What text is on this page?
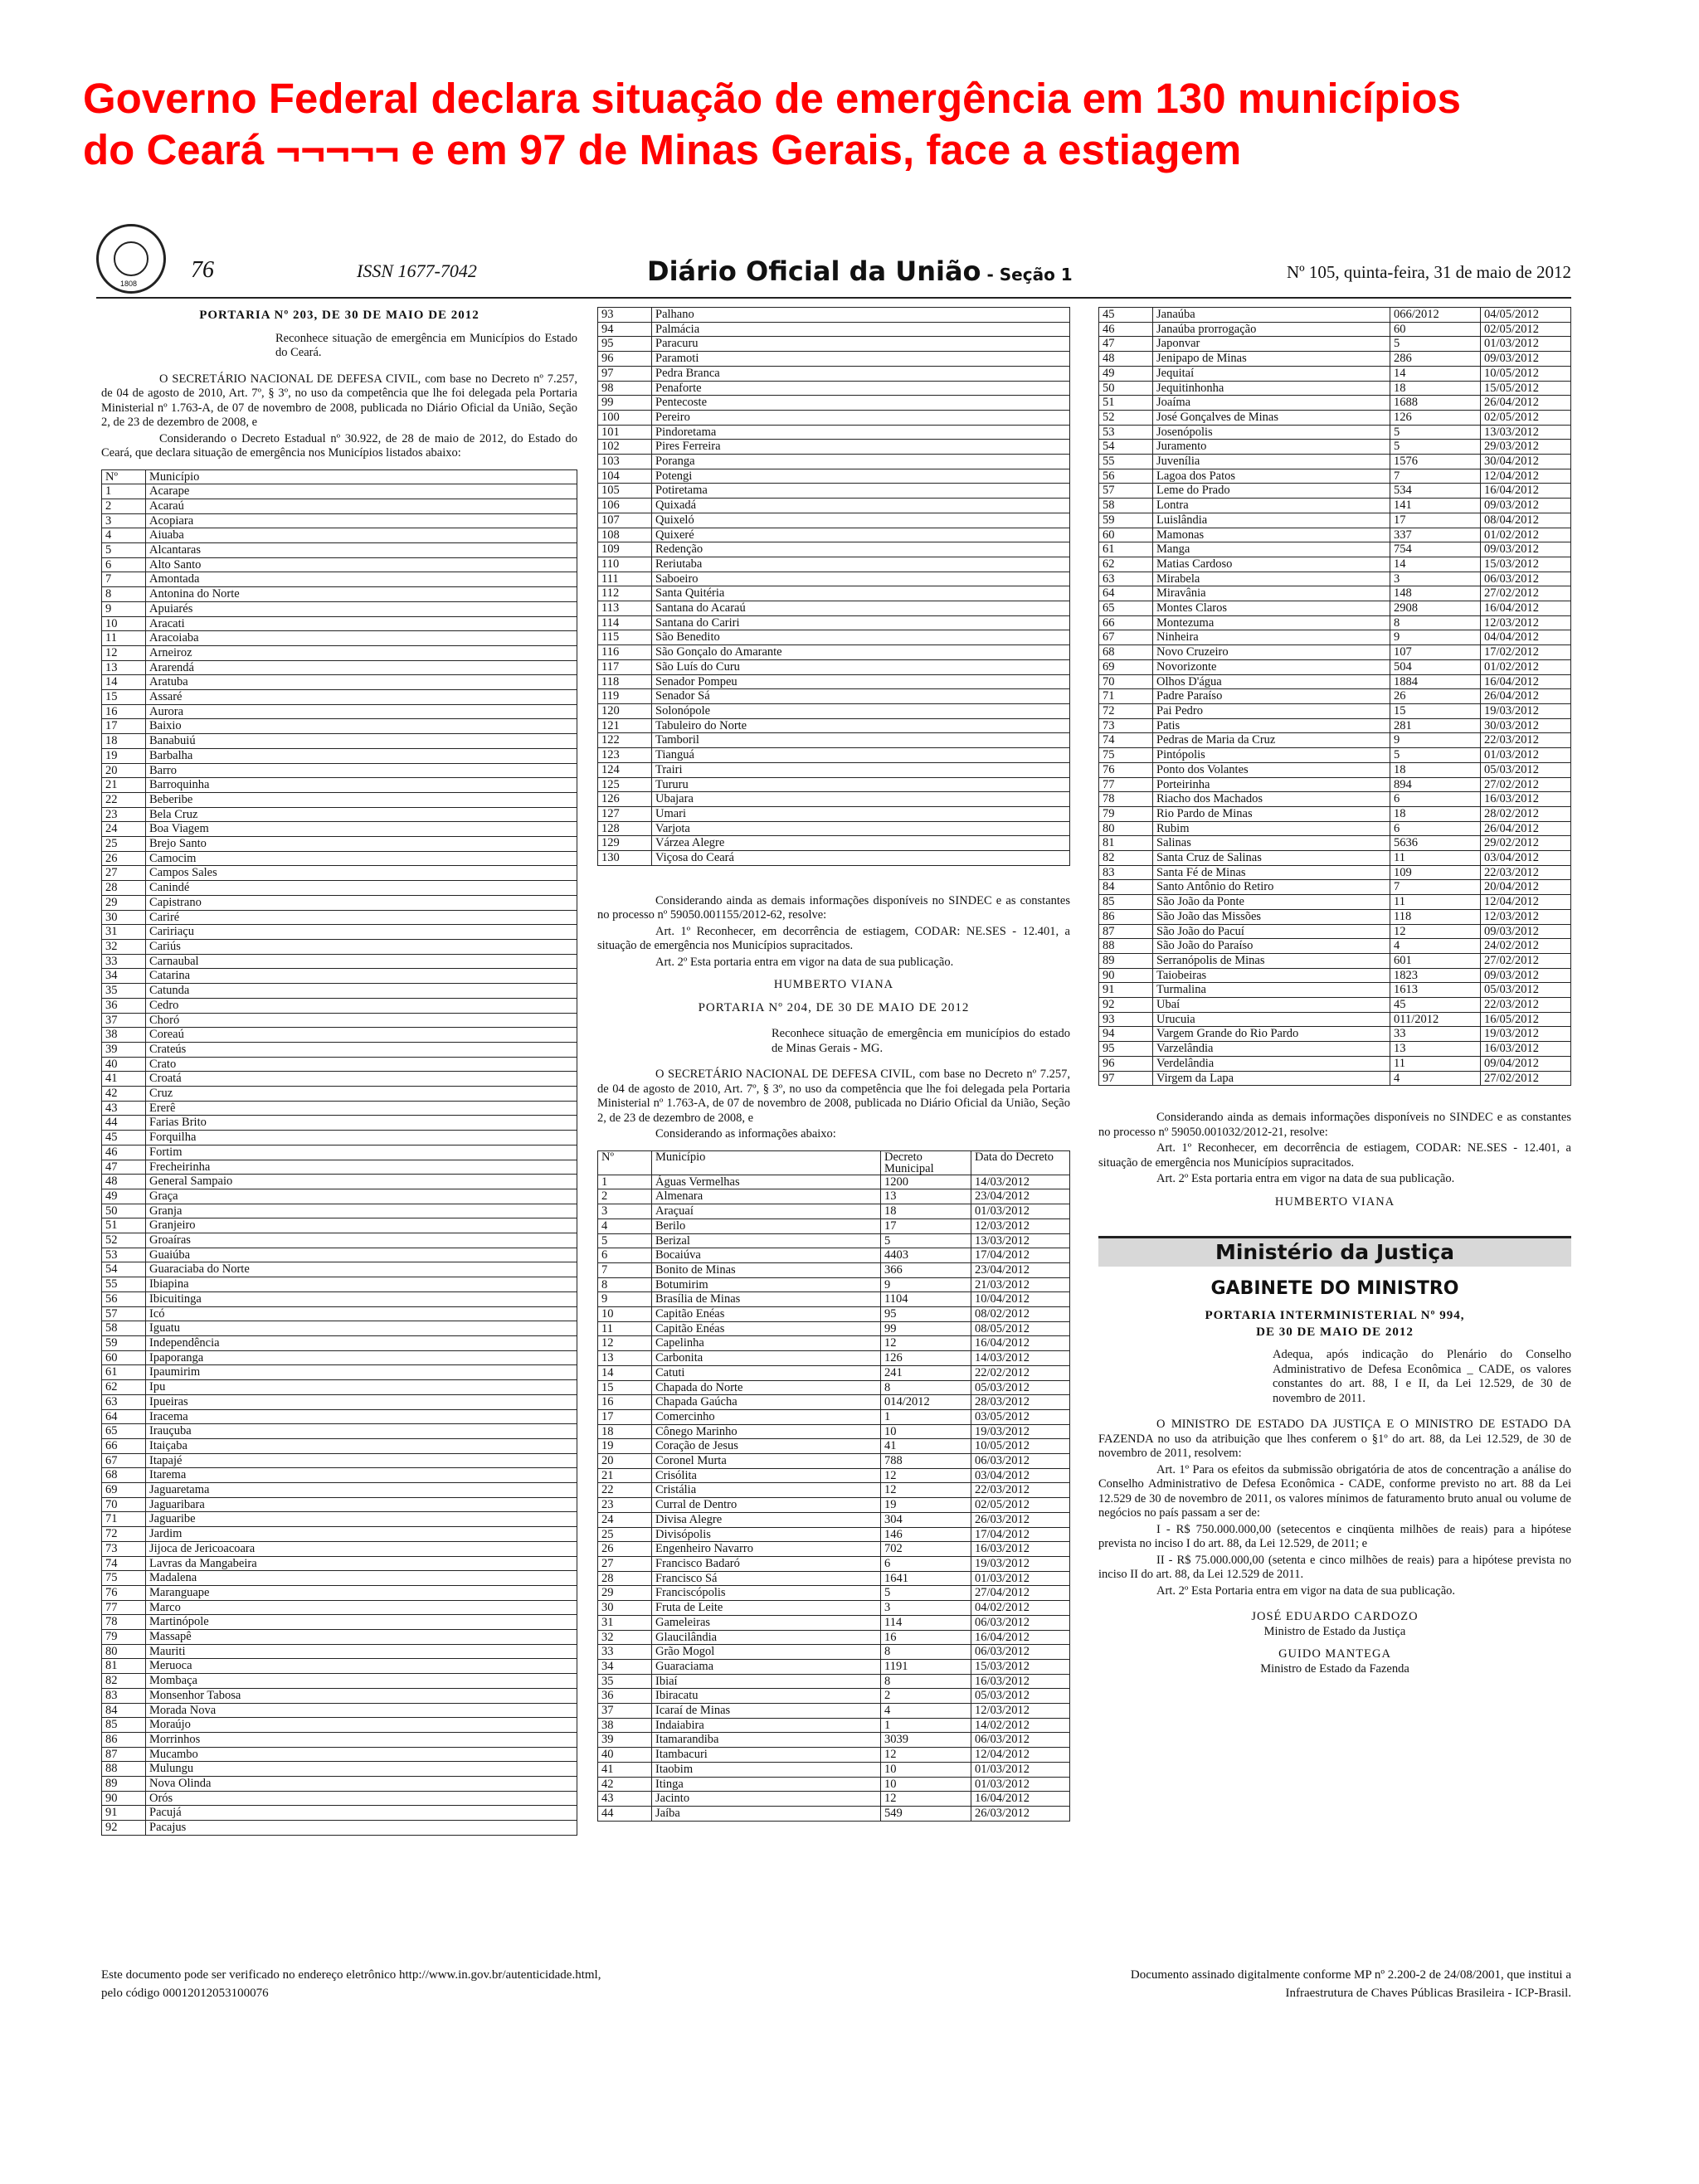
Governo Federal declara situação de emergência em 130 municípios
do Ceará ¬¬¬¬¬ e em 97 de Minas Gerais, face a estiagem
1808
76	ISSN 1677-7042	Diário Oficial da União - Seção 1	Nº 105, quinta-feira, 31 de maio de 2012
PORTARIA Nº 203, DE 30 DE MAIO DE 2012
Reconhece situação de emergência em Municípios do Estado do Ceará.

O SECRETÁRIO NACIONAL DE DEFESA CIVIL, com base no Decreto nº 7.257, de 04 de agosto de 2010, Art. 7º, § 3º, no uso da competência que lhe foi delegada pela Portaria Ministerial nº 1.763-A, de 07 de novembro de 2008, publicada no Diário Oficial da União, Seção 2, de 23 de dezembro de 2008, e

Considerando o Decreto Estadual nº 30.922, de 28 de maio de 2012, do Estado do Ceará, que declara situação de emergência nos Municípios listados abaixo:

Nº	Município
1	Acarape
2	Acaraú
3	Acopiara
4	Aiuaba
5	Alcantaras
6	Alto Santo
7	Amontada
8	Antonina do Norte
9	Apuiarés
10	Aracati
11	Aracoiaba
12	Arneiroz
13	Ararendá
14	Aratuba
15	Assaré
16	Aurora
17	Baixio
18	Banabuiú
19	Barbalha
20	Barro
21	Barroquinha
22	Beberibe
23	Bela Cruz
24	Boa Viagem
25	Brejo Santo
26	Camocim
27	Campos Sales
28	Canindé
29	Capistrano
30	Cariré
31	Caririaçu
32	Cariús
33	Carnaubal
34	Catarina
35	Catunda
36	Cedro
37	Choró
38	Coreaú
39	Crateús
40	Crato
41	Croatá
42	Cruz
43	Ererê
44	Farias Brito
45	Forquilha
46	Fortim
47	Frecheirinha
48	General Sampaio
49	Graça
50	Granja
51	Granjeiro
52	Groaíras
53	Guaiúba
54	Guaraciaba do Norte
55	Ibiapina
56	Ibicuitinga
57	Icó
58	Iguatu
59	Independência
60	Ipaporanga
61	Ipaumirim
62	Ipu
63	Ipueiras
64	Iracema
65	Irauçuba
66	Itaiçaba
67	Itapajé
68	Itarema
69	Jaguaretama
70	Jaguaribara
71	Jaguaribe
72	Jardim
73	Jijoca de Jericoacoara
74	Lavras da Mangabeira
75	Madalena
76	Maranguape
77	Marco
78	Martinópole
79	Massapê
80	Mauriti
81	Meruoca
82	Mombaça
83	Monsenhor Tabosa
84	Morada Nova
85	Moraújo
86	Morrinhos
87	Mucambo
88	Mulungu
89	Nova Olinda
90	Orós
91	Pacujá
92	Pacajus
93	Palhano
94	Palmácia
95	Paracuru
96	Paramoti
97	Pedra Branca
98	Penaforte
99	Pentecoste
100	Pereiro
101	Pindoretama
102	Pires Ferreira
103	Poranga
104	Potengi
105	Potiretama
106	Quixadá
107	Quixeló
108	Quixeré
109	Redenção
110	Reriutaba
111	Saboeiro
112	Santa Quitéria
113	Santana do Acaraú
114	Santana do Cariri
115	São Benedito
116	São Gonçalo do Amarante
117	São Luís do Curu
118	Senador Pompeu
119	Senador Sá
120	Solonópole
121	Tabuleiro do Norte
122	Tamboril
123	Tianguá
124	Trairi
125	Tururu
126	Ubajara
127	Umari
128	Varjota
129	Várzea Alegre
130	Viçosa do Ceará

Considerando ainda as demais informações disponíveis no SINDEC e as constantes no processo nº 59050.001155/2012-62, resolve:

Art. 1º Reconhecer, em decorrência de estiagem, CODAR: NE.SES - 12.401, a situação de emergência nos Municípios supracitados.

Art. 2º Esta portaria entra em vigor na data de sua publicação.

HUMBERTO VIANA
PORTARIA Nº 204, DE 30 DE MAIO DE 2012
Reconhece situação de emergência em municípios do estado de Minas Gerais - MG.

O SECRETÁRIO NACIONAL DE DEFESA CIVIL, com base no Decreto nº 7.257, de 04 de agosto de 2010, Art. 7º, § 3º, no uso da competência que lhe foi delegada pela Portaria Ministerial nº 1.763-A, de 07 de novembro de 2008, publicada no Diário Oficial da União, Seção 2, de 23 de dezembro de 2008, e

Considerando as informações abaixo:

Nº	Município	Decreto Municipal	Data do Decreto
1	Águas Vermelhas	1200	14/03/2012
2	Almenara	13	23/04/2012
3	Araçuaí	18	01/03/2012
4	Berilo	17	12/03/2012
5	Berizal	5	13/03/2012
6	Bocaiúva	4403	17/04/2012
7	Bonito de Minas	366	23/04/2012
8	Botumirim	9	21/03/2012
9	Brasília de Minas	1104	10/04/2012
10	Capitão Enéas	95	08/02/2012
11	Capitão Enéas	99	08/05/2012
12	Capelinha	12	16/04/2012
13	Carbonita	126	14/03/2012
14	Catuti	241	22/02/2012
15	Chapada do Norte	8	05/03/2012
16	Chapada Gaúcha	014/2012	28/03/2012
17	Comercinho	1	03/05/2012
18	Cônego Marinho	10	19/03/2012
19	Coração de Jesus	41	10/05/2012
20	Coronel Murta	788	06/03/2012
21	Crisólita	12	03/04/2012
22	Cristália	12	22/03/2012
23	Curral de Dentro	19	02/05/2012
24	Divisa Alegre	304	26/03/2012
25	Divisópolis	146	17/04/2012
26	Engenheiro Navarro	702	16/03/2012
27	Francisco Badaró	6	19/03/2012
28	Francisco Sá	1641	01/03/2012
29	Franciscópolis	5	27/04/2012
30	Fruta de Leite	3	04/02/2012
31	Gameleiras	114	06/03/2012
32	Glaucilândia	16	16/04/2012
33	Grão Mogol	8	06/03/2012
34	Guaraciama	1191	15/03/2012
35	Ibiaí	8	16/03/2012
36	Ibiracatu	2	05/03/2012
37	Icaraí de Minas	4	12/03/2012
38	Indaiabira	1	14/02/2012
39	Itamarandiba	3039	06/03/2012
40	Itambacuri	12	12/04/2012
41	Itaobim	10	01/03/2012
42	Itinga	10	01/03/2012
43	Jacinto	12	16/04/2012
44	Jaíba	549	26/03/2012
45	Janaúba	066/2012	04/05/2012
46	Janaúba prorrogação	60	02/05/2012
47	Japonvar	5	01/03/2012
48	Jenipapo de Minas	286	09/03/2012
49	Jequitaí	14	10/05/2012
50	Jequitinhonha	18	15/05/2012
51	Joaíma	1688	26/04/2012
52	José Gonçalves de Minas	126	02/05/2012
53	Josenópolis	5	13/03/2012
54	Juramento	5	29/03/2012
55	Juvenília	1576	30/04/2012
56	Lagoa dos Patos	7	12/04/2012
57	Leme do Prado	534	16/04/2012
58	Lontra	141	09/03/2012
59	Luislândia	17	08/04/2012
60	Mamonas	337	01/02/2012
61	Manga	754	09/03/2012
62	Matias Cardoso	14	15/03/2012
63	Mirabela	3	06/03/2012
64	Miravânia	148	27/02/2012
65	Montes Claros	2908	16/04/2012
66	Montezuma	8	12/03/2012
67	Ninheira	9	04/04/2012
68	Novo Cruzeiro	107	17/02/2012
69	Novorizonte	504	01/02/2012
70	Olhos D'água	1884	16/04/2012
71	Padre Paraíso	26	26/04/2012
72	Pai Pedro	15	19/03/2012
73	Patis	281	30/03/2012
74	Pedras de Maria da Cruz	9	22/03/2012
75	Pintópolis	5	01/03/2012
76	Ponto dos Volantes	18	05/03/2012
77	Porteirinha	894	27/02/2012
78	Riacho dos Machados	6	16/03/2012
79	Rio Pardo de Minas	18	28/02/2012
80	Rubim	6	26/04/2012
81	Salinas	5636	29/02/2012
82	Santa Cruz de Salinas	11	03/04/2012
83	Santa Fé de Minas	109	22/03/2012
84	Santo Antônio do Retiro	7	20/04/2012
85	São João da Ponte	11	12/04/2012
86	São João das Missões	118	12/03/2012
87	São João do Pacuí	12	09/03/2012
88	São João do Paraíso	4	24/02/2012
89	Serranópolis de Minas	601	27/02/2012
90	Taiobeiras	1823	09/03/2012
91	Turmalina	1613	05/03/2012
92	Ubaí	45	22/03/2012
93	Urucuia	011/2012	16/05/2012
94	Vargem Grande do Rio Pardo	33	19/03/2012
95	Varzelândia	13	16/03/2012
96	Verdelândia	11	09/04/2012
97	Virgem da Lapa	4	27/02/2012

Considerando ainda as demais informações disponíveis no SINDEC e as constantes no processo nº 59050.001032/2012-21, resolve:

Art. 1º Reconhecer, em decorrência de estiagem, CODAR: NE.SES - 12.401, a situação de emergência nos Municípios supracitados.

Art. 2º Esta portaria entra em vigor na data de sua publicação.

HUMBERTO VIANA
Ministério da Justiça
GABINETE DO MINISTRO
PORTARIA INTERMINISTERIAL Nº 994,
DE 30 DE MAIO DE 2012
Adequa, após indicação do Plenário do Conselho Administrativo de Defesa Econômica _ CADE, os valores constantes do art. 88, I e II, da Lei 12.529, de 30 de novembro de 2011.

O MINISTRO DE ESTADO DA JUSTIÇA E O MINISTRO DE ESTADO DA FAZENDA no uso da atribuição que lhes conferem o §1º do art. 88, da Lei 12.529, de 30 de novembro de 2011, resolvem:

Art. 1º Para os efeitos da submissão obrigatória de atos de concentração a análise do Conselho Administrativo de Defesa Econômica - CADE, conforme previsto no art. 88 da Lei 12.529 de 30 de novembro de 2011, os valores mínimos de faturamento bruto anual ou volume de negócios no país passam a ser de:

I - R$ 750.000.000,00 (setecentos e cinqüenta milhões de reais) para a hipótese prevista no inciso I do art. 88, da Lei 12.529, de 2011; e

II - R$ 75.000.000,00 (setenta e cinco milhões de reais) para a hipótese prevista no inciso II do art. 88, da Lei 12.529 de 2011.

Art. 2º Esta Portaria entra em vigor na data de sua publicação.

JOSÉ EDUARDO CARDOZO
Ministro de Estado da Justiça
GUIDO MANTEGA
Ministro de Estado da Fazenda
Este documento pode ser verificado no endereço eletrônico http://www.in.gov.br/autenticidade.html,
pelo código 00012012053100076
Documento assinado digitalmente conforme MP nº 2.200-2 de 24/08/2001, que institui a
Infraestrutura de Chaves Públicas Brasileira - ICP-Brasil.
